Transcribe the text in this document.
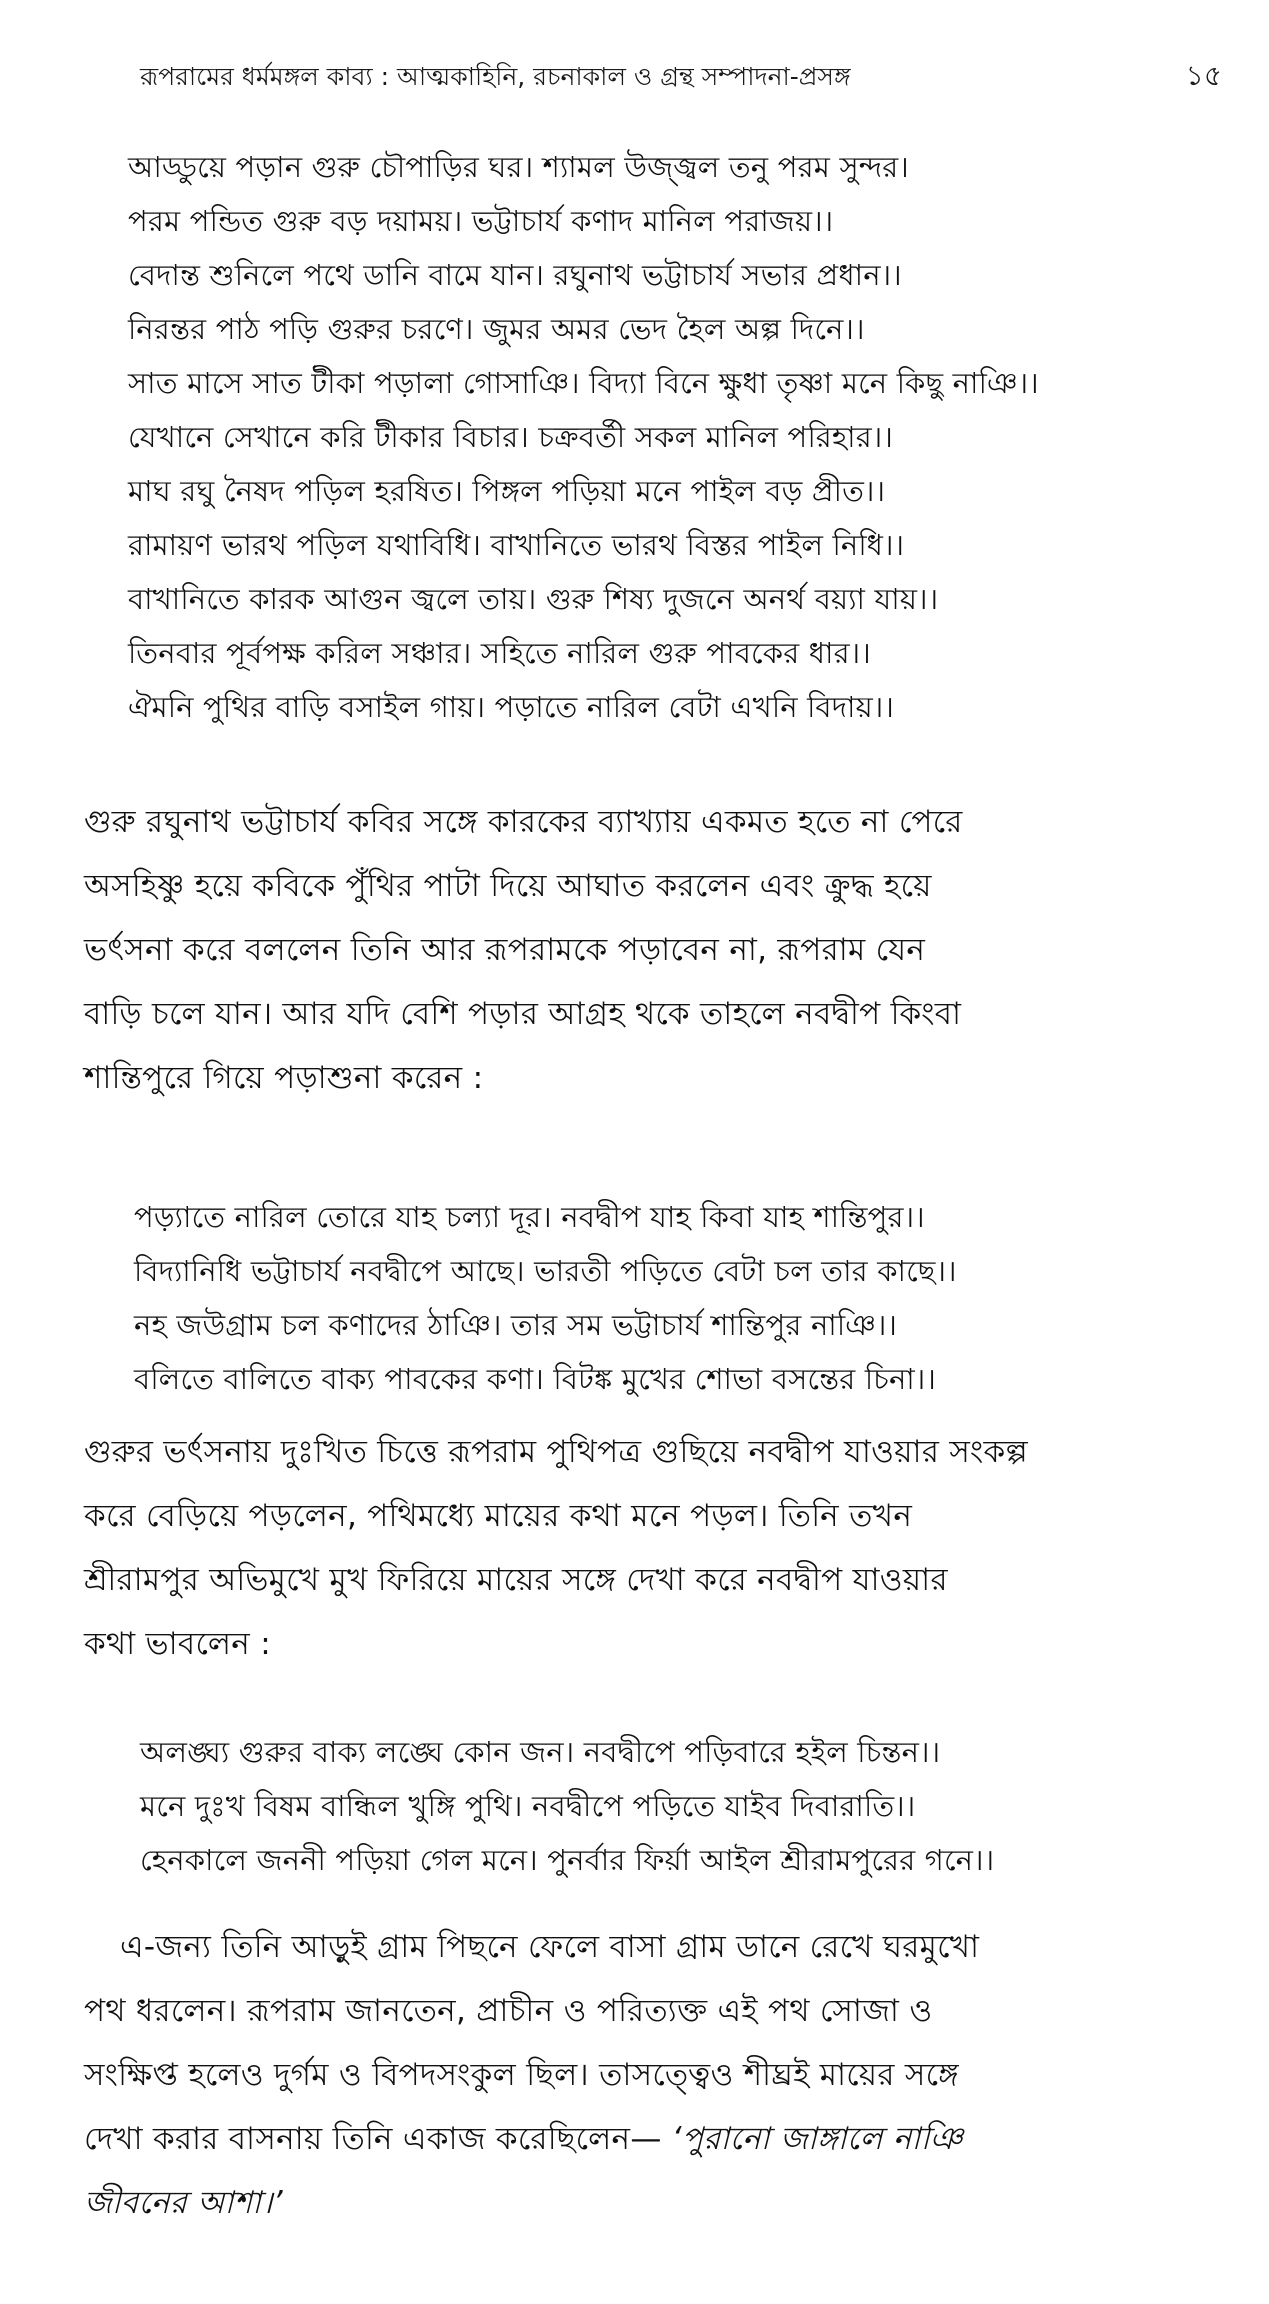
রূপরামের ধর্মমঙ্গল কাব্য : আত্মকাহিনি, রচনাকাল ও গ্রন্থ সম্পাদনা-প্রসঙ্গ	১৫
আড্ডুয়ে পড়ান গুরু চৌপাড়ির ঘর। শ্যামল উজ্জ্বল তনু পরম সুন্দর।
পরম পন্ডিত গুরু বড় দয়াময়। ভট্টাচার্য কণাদ মানিল পরাজয়।।
বেদান্ত শুনিলে পথে ডানি বামে যান। রঘুনাথ ভট্টাচার্য সভার প্রধান।।
নিরন্তর পাঠ পড়ি গুরুর চরণে। জুমর অমর ভেদ হৈল অল্প দিনে।।
সাত মাসে সাত টীকা পড়ালা গোসাঞি। বিদ্যা বিনে ক্ষুধা তৃষ্ণা মনে কিছু নাঞি।।
যেখানে সেখানে করি টীকার বিচার। চক্রবর্তী সকল মানিল পরিহার।।
মাঘ রঘু নৈষদ পড়িল হরষিত। পিঙ্গল পড়িয়া মনে পাইল বড় প্রীত।।
রামায়ণ ভারথ পড়িল যথাবিধি। বাখানিতে ভারথ বিস্তর পাইল নিধি।।
বাখানিতে কারক আগুন জ্বলে তায়। গুরু শিষ্য দুজনে অনর্থ বয়্যা যায়।।
তিনবার পূর্বপক্ষ করিল সঞ্চার। সহিতে নারিল গুরু পাবকের ধার।।
ঐমনি পুথির বাড়ি বসাইল গায়। পড়াতে নারিল বেটা এখনি বিদায়।।
গুরু রঘুনাথ ভট্টাচার্য কবির সঙ্গে কারকের ব্যাখ্যায় একমত হতে না পেরে
অসহিষ্ণু হয়ে কবিকে পুঁথির পাটা দিয়ে আঘাত করলেন এবং ক্রুদ্ধ হয়ে
ভর্ৎসনা করে বললেন তিনি আর রূপরামকে পড়াবেন না, রূপরাম যেন
বাড়ি চলে যান। আর যদি বেশি পড়ার আগ্রহ থকে তাহলে নবদ্বীপ কিংবা
শান্তিপুরে গিয়ে পড়াশুনা করেন :
পড়্যাতে নারিল তোরে যাহ চল্যা দূর। নবদ্বীপ যাহ কিবা যাহ শান্তিপুর।।
বিদ্যানিধি ভট্টাচার্য নবদ্বীপে আছে। ভারতী পড়িতে বেটা চল তার কাছে।।
নহ জউগ্রাম চল কণাদের ঠাঞি। তার সম ভট্টাচার্য শান্তিপুর নাঞি।।
বলিতে বালিতে বাক্য পাবকের কণা। বিটঙ্ক মুখের শোভা বসন্তের চিনা।।
গুরুর ভর্ৎসনায় দুঃখিত চিত্তে রূপরাম পুথিপত্র গুছিয়ে নবদ্বীপ যাওয়ার সংকল্প
করে বেড়িয়ে পড়লেন, পথিমধ্যে মায়ের কথা মনে পড়ল। তিনি তখন
শ্রীরামপুর অভিমুখে মুখ ফিরিয়ে মায়ের সঙ্গে দেখা করে নবদ্বীপ যাওয়ার
কথা ভাবলেন :
অলঙ্ঘ্য গুরুর বাক্য লঙ্ঘে কোন জন। নবদ্বীপে পড়িবারে হইল চিন্তন।।
মনে দুঃখ বিষম বান্ধিল খুঙ্গি পুথি। নবদ্বীপে পড়িতে যাইব দিবারাতি।।
হেনকালে জননী পড়িয়া গেল মনে। পুনর্বার ফির্য়া আইল শ্রীরামপুরের গনে।।
এ-জন্য তিনি আড়ুই গ্রাম পিছনে ফেলে বাসা গ্রাম ডানে রেখে ঘরমুখো
পথ ধরলেন। রূপরাম জানতেন, প্রাচীন ও পরিত্যক্ত এই পথ সোজা ও
সংক্ষিপ্ত হলেও দুর্গম ও বিপদসংকুল ছিল। তাসত্ত্বেও শীঘ্রই মায়ের সঙ্গে
দেখা করার বাসনায় তিনি একাজ করেছিলেন— ‘পুরানো জাঙ্গালে নাঞি
জীবনের আশা।’
